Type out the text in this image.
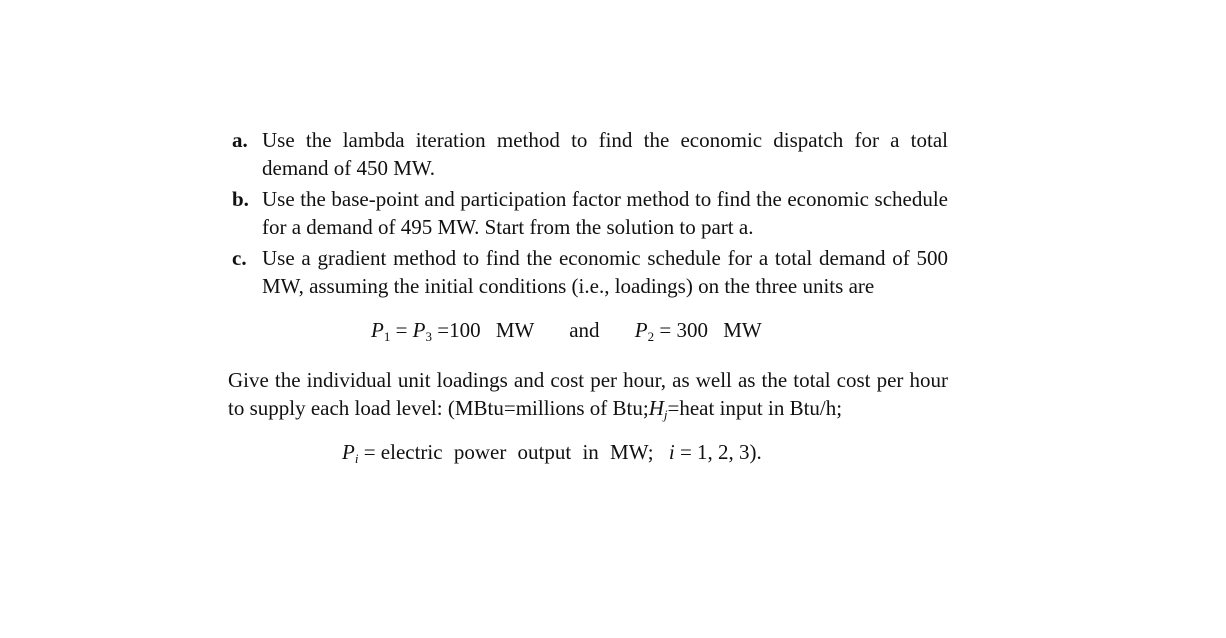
a. Use the lambda iteration method to find the economic dispatch for a total demand of 450 MW.
b. Use the base-point and participation factor method to find the economic schedule for a demand of 495 MW. Start from the solution to part a.
c. Use a gradient method to find the economic schedule for a total demand of 500 MW, assuming the initial conditions (i.e., loadings) on the three units are
$P_1 = P_3 =100$ MW and $P_2 = 300$ MW
Give the individual unit loadings and cost per hour, as well as the total cost per hour to supply each load level: (MBtu=millions of $Btu;H_j=heat$ input in Btu/h;
$P_i$ = electric power output in MW; i = 1, 2, 3).
